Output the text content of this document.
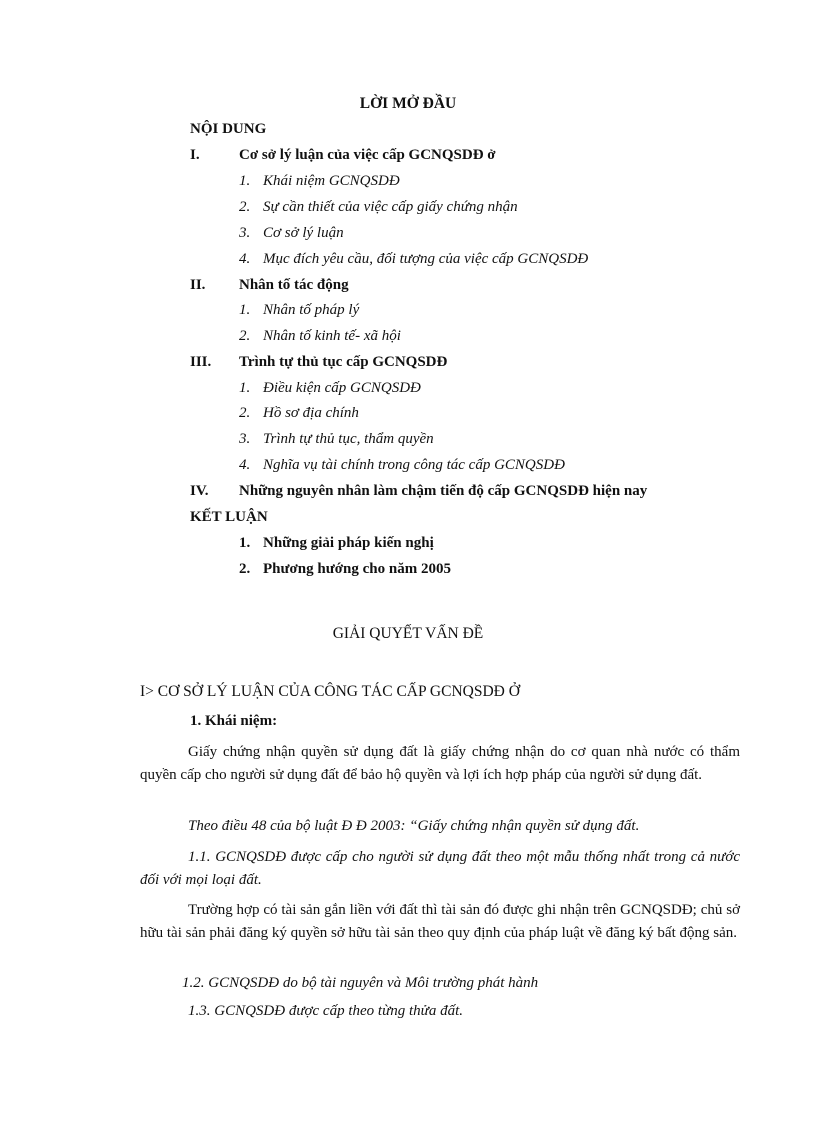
LỜI MỞ ĐẦU
NỘI DUNG
I.	Cơ sở lý luận của việc cấp GCNQSDĐ ở
1. Khái niệm GCNQSDĐ
2. Sự cần thiết của việc cấp giấy chứng nhận
3. Cơ sở lý luận
4. Mục đích yêu cầu, đối tượng của việc cấp GCNQSDĐ
II. Nhân tố tác động
1. Nhân tố pháp lý
2. Nhân tố kinh tế- xã hội
III. Trình tự thủ tục cấp GCNQSDĐ
1. Điều kiện cấp GCNQSDĐ
2. Hồ sơ địa chính
3. Trình tự thủ tục, thẩm quyền
4. Nghĩa vụ tài chính trong công tác cấp GCNQSDĐ
IV. Những nguyên nhân làm chậm tiến độ cấp GCNQSDĐ hiện nay
KẾT LUẬN
1. Những giải pháp kiến nghị
2. Phương hướng cho năm 2005
GIẢI QUYẾT VẤN ĐỀ
I> CƠ SỞ LÝ LUẬN CỦA CÔNG TÁC CẤP GCNQSDĐ Ở
1. Khái niệm:
Giấy chứng nhận quyền sử dụng đất là giấy chứng nhận do cơ quan nhà nước có thẩm quyền cấp cho người sử dụng đất để bảo hộ quyền và lợi ích hợp pháp của người sử dụng đất.
Theo điều 48 của bộ luật Đ Đ 2003: “Giấy chứng nhận quyền sử dụng đất.
1.1. GCNQSDĐ được cấp cho người sử dụng đất theo một mẫu thống nhất trong cả nước đối với mọi loại đất.
Trường hợp có tài sản gắn liền với đất thì tài sản đó được ghi nhận trên GCNQSDĐ; chủ sở hữu tài sản phải đăng ký quyền sở hữu tài sản theo quy định của pháp luật về đăng ký bất động sản.
1.2. GCNQSDĐ do bộ tài nguyên và Môi trường phát hành
1.3. GCNQSDĐ được cấp theo từng thửa đất.
